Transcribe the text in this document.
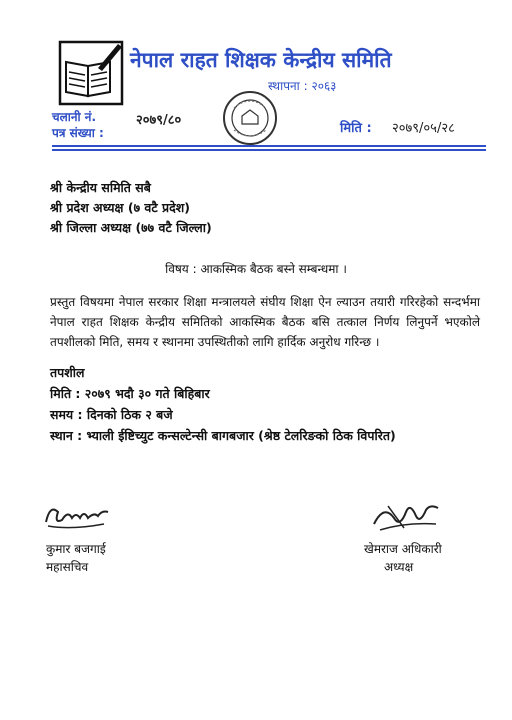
नेपाल राहत शिक्षक केन्द्रीय समिति
स्थापना : २०६३
चलानी नं.
पत्र संख्या :
२०७९/८०
मिति : २०७९/०५/२८
श्री केन्द्रीय समिति सबै
श्री प्रदेश अध्यक्ष (७ वटै प्रदेश)
श्री जिल्ला अध्यक्ष (७७ वटै जिल्ला)
विषय : आकस्मिक बैठक बस्ने सम्बन्धमा ।
प्रस्तुत विषयमा नेपाल सरकार शिक्षा मन्त्रालयले संघीय शिक्षा ऐन ल्याउन तयारी गरिरहेको सन्दर्भमा नेपाल राहत शिक्षक केन्द्रीय समितिको आकस्मिक बैठक बसि तत्काल निर्णय लिनुपर्ने भएकोले तपशीलको मिति, समय र स्थानमा उपस्थितीको लागि हार्दिक अनुरोध गरिन्छ ।
तपशील
मिति : २०७९ भदौ ३० गते बिहिबार
समय : दिनको ठिक २ बजे
स्थान : भ्याली ईष्टिच्युट कन्सल्टेन्सी बागबजार (श्रेष्ठ टेलरिङको ठिक विपरित)
कुमार बजगाई
महासचिव
खेमराज अधिकारी
अध्यक्ष
